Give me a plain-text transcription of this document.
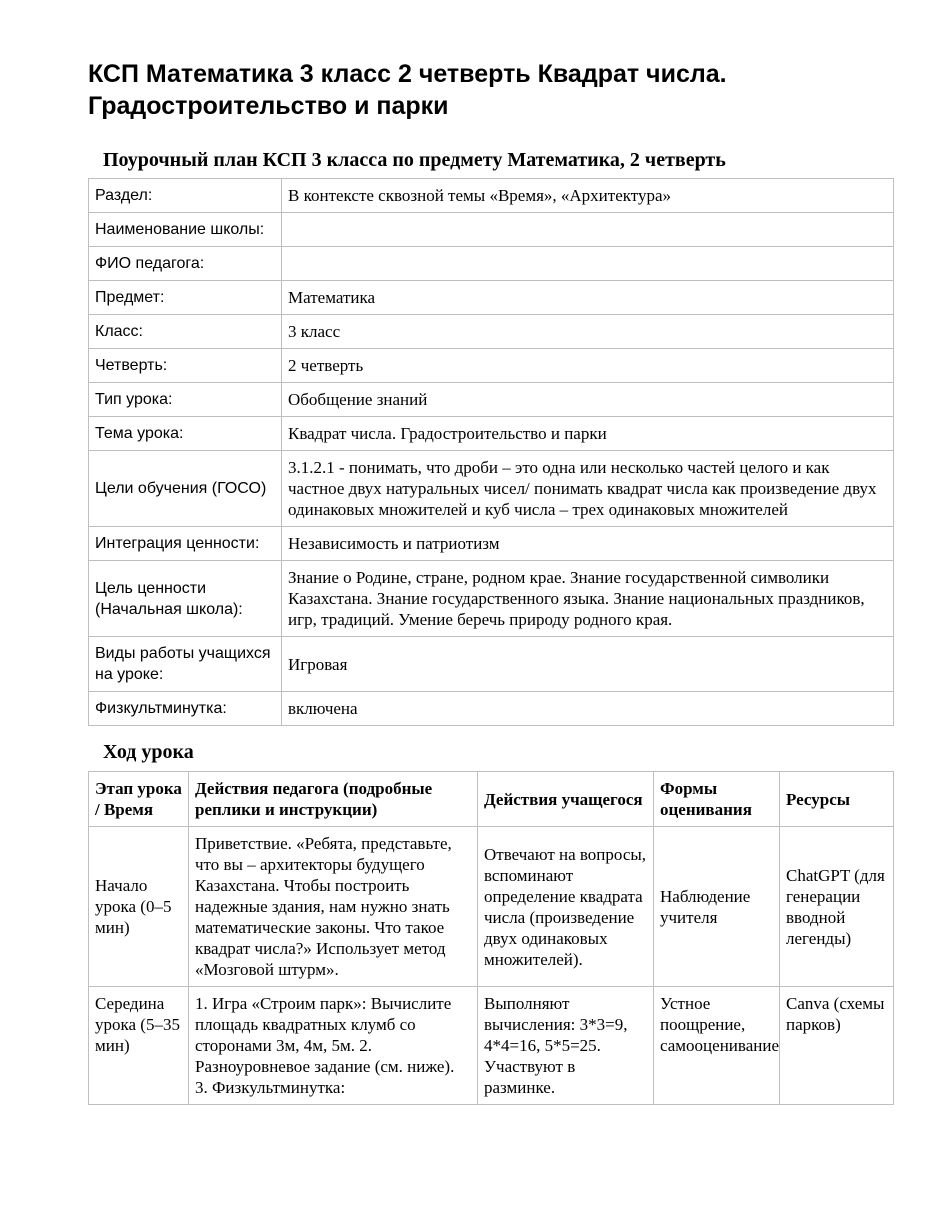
КСП Математика 3 класс 2 четверть Квадрат числа. Градостроительство и парки
Поурочный план КСП 3 класса по предмету Математика, 2 четверть
Раздел:	В контексте сквозной темы «Время», «Архитектура»
Наименование школы:	
ФИО педагога:	
Предмет:	Математика
Класс:	3 класс
Четверть:	2 четверть
Тип урока:	Обобщение знаний
Тема урока:	Квадрат числа. Градостроительство и парки
Цели обучения (ГОСО)	3.1.2.1 - понимать, что дроби – это одна или несколько частей целого и как частное двух натуральных чисел/ понимать квадрат числа как произведение двух одинаковых множителей и куб числа – трех одинаковых множителей
Интеграция ценности:	Независимость и патриотизм
Цель ценности (Начальная школа):	Знание о Родине, стране, родном крае. Знание государственной символики Казахстана. Знание государственного языка. Знание национальных праздников, игр, традиций. Умение беречь природу родного края.
Виды работы учащихся на уроке:	Игровая
Физкультминутка:	включена
Ход урока
Этап урока / Время	Действия педагога (подробные реплики и инструкции)	Действия учащегося	Формы оценивания	Ресурсы
Начало урока (0–5 мин)	Приветствие. «Ребята, представьте, что вы – архитекторы будущего Казахстана. Чтобы построить надежные здания, нам нужно знать математические законы. Что такое квадрат числа?» Использует метод «Мозговой штурм».	Отвечают на вопросы, вспоминают определение квадрата числа (произведение двух одинаковых множителей).	Наблюдение учителя	ChatGPT (для генерации вводной легенды)
Середина урока (5–35 мин)	1. Игра «Строим парк»: Вычислите площадь квадратных клумб со сторонами 3м, 4м, 5м. 2. Разноуровневое задание (см. ниже). 3. Физкультминутка:	Выполняют вычисления: 3*3=9, 4*4=16, 5*5=25. Участвуют в разминке.	Устное поощрение, самооценивание	Canva (схемы парков)
